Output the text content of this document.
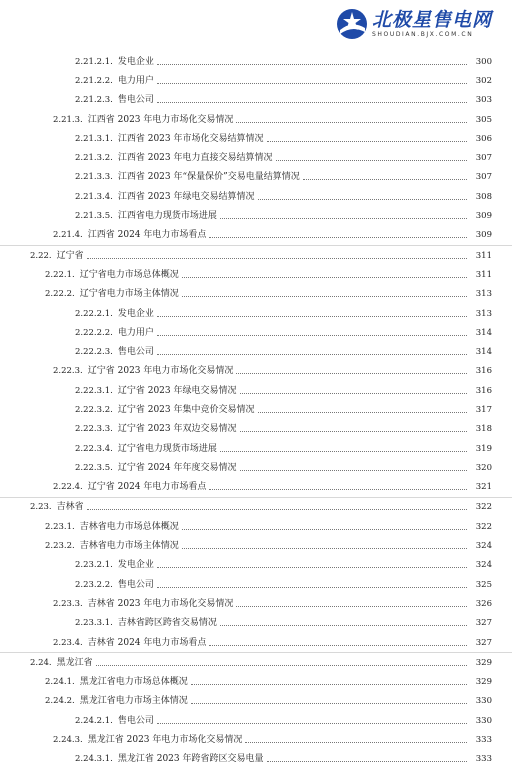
北极星售电网
SHOUDIAN.BJX.COM.CN
2.21.2.1. 发电企业	300
2.21.2.2. 电力用户	302
2.21.2.3. 售电公司	303
2.21.3. 江西省 2023 年电力市场化交易情况	305
2.21.3.1. 江西省 2023 年市场化交易结算情况	306
2.21.3.2. 江西省 2023 年电力直接交易结算情况	307
2.21.3.3. 江西省 2023 年“保量保价”交易电量结算情况	307
2.21.3.4. 江西省 2023 年绿电交易结算情况	308
2.21.3.5. 江西省电力现货市场进展	309
2.21.4. 江西省 2024 年电力市场看点	309
2.22. 辽宁省	311
2.22.1. 辽宁省电力市场总体概况	311
2.22.2. 辽宁省电力市场主体情况	313
2.22.2.1. 发电企业	313
2.22.2.2. 电力用户	314
2.22.2.3. 售电公司	314
2.22.3. 辽宁省 2023 年电力市场化交易情况	316
2.22.3.1. 辽宁省 2023 年绿电交易情况	316
2.22.3.2. 辽宁省 2023 年集中竞价交易情况	317
2.22.3.3. 辽宁省 2023 年双边交易情况	318
2.22.3.4. 辽宁省电力现货市场进展	319
2.22.3.5. 辽宁省 2024 年年度交易情况	320
2.22.4. 辽宁省 2024 年电力市场看点	321
2.23. 吉林省	322
2.23.1. 吉林省电力市场总体概况	322
2.23.2. 吉林省电力市场主体情况	324
2.23.2.1. 发电企业	324
2.23.2.2. 售电公司	325
2.23.3. 吉林省 2023 年电力市场化交易情况	326
2.23.3.1. 吉林省跨区跨省交易情况	327
2.23.4. 吉林省 2024 年电力市场看点	327
2.24. 黑龙江省	329
2.24.1. 黑龙江省电力市场总体概况	329
2.24.2. 黑龙江省电力市场主体情况	330
2.24.2.1. 售电公司	330
2.24.3. 黑龙江省 2023 年电力市场化交易情况	333
2.24.3.1. 黑龙江省 2023 年跨省跨区交易电量	333
